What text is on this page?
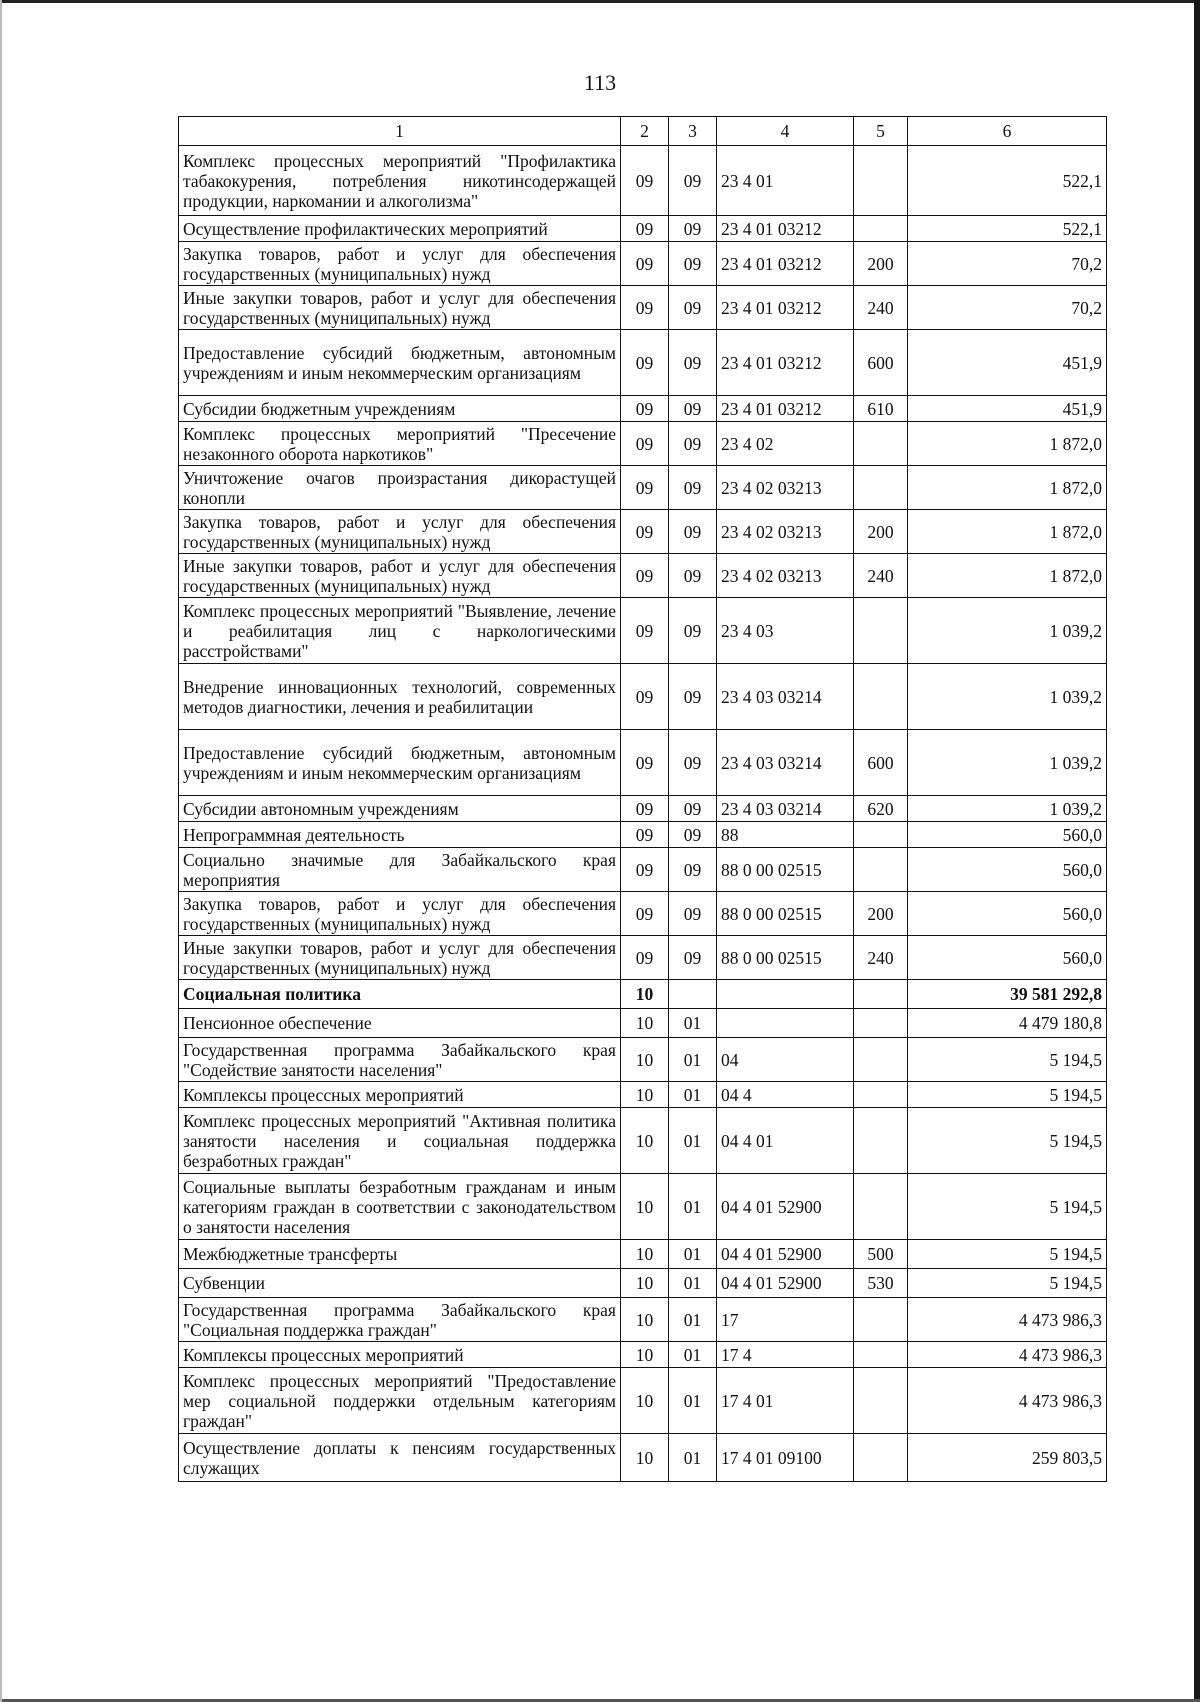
113
1	2	3	4	5	6
Комплекс процессных мероприятий "Профилактика табакокурения, потребления никотинсодержащей продукции, наркомании и алкоголизма"	09	09	23 4 01		522,1
Осуществление профилактических мероприятий	09	09	23 4 01 03212		522,1
Закупка товаров, работ и услуг для обеспечения государственных (муниципальных) нужд	09	09	23 4 01 03212	200	70,2
Иные закупки товаров, работ и услуг для обеспечения государственных (муниципальных) нужд	09	09	23 4 01 03212	240	70,2
Предоставление субсидий бюджетным, автономным учреждениям и иным некоммерческим организациям	09	09	23 4 01 03212	600	451,9
Субсидии бюджетным учреждениям	09	09	23 4 01 03212	610	451,9
Комплекс процессных мероприятий "Пресечение незаконного оборота наркотиков"	09	09	23 4 02		1 872,0
Уничтожение очагов произрастания дикорастущей конопли	09	09	23 4 02 03213		1 872,0
Закупка товаров, работ и услуг для обеспечения государственных (муниципальных) нужд	09	09	23 4 02 03213	200	1 872,0
Иные закупки товаров, работ и услуг для обеспечения государственных (муниципальных) нужд	09	09	23 4 02 03213	240	1 872,0
Комплекс процессных мероприятий "Выявление, лечение и реабилитация лиц с наркологическими расстройствами"	09	09	23 4 03		1 039,2
Внедрение инновационных технологий, современных методов диагностики, лечения и реабилитации	09	09	23 4 03 03214		1 039,2
Предоставление субсидий бюджетным, автономным учреждениям и иным некоммерческим организациям	09	09	23 4 03 03214	600	1 039,2
Субсидии автономным учреждениям	09	09	23 4 03 03214	620	1 039,2
Непрограммная деятельность	09	09	88		560,0
Социально значимые для Забайкальского края мероприятия	09	09	88 0 00 02515		560,0
Закупка товаров, работ и услуг для обеспечения государственных (муниципальных) нужд	09	09	88 0 00 02515	200	560,0
Иные закупки товаров, работ и услуг для обеспечения государственных (муниципальных) нужд	09	09	88 0 00 02515	240	560,0
Социальная политика	10				39 581 292,8
Пенсионное обеспечение	10	01			4 479 180,8
Государственная программа Забайкальского края "Содействие занятости населения"	10	01	04		5 194,5
Комплексы процессных мероприятий	10	01	04 4		5 194,5
Комплекс процессных мероприятий "Активная политика занятости населения и социальная поддержка безработных граждан"	10	01	04 4 01		5 194,5
Социальные выплаты безработным гражданам и иным категориям граждан в соответствии с законодательством о занятости населения	10	01	04 4 01 52900		5 194,5
Межбюджетные трансферты	10	01	04 4 01 52900	500	5 194,5
Субвенции	10	01	04 4 01 52900	530	5 194,5
Государственная программа Забайкальского края "Социальная поддержка граждан"	10	01	17		4 473 986,3
Комплексы процессных мероприятий	10	01	17 4		4 473 986,3
Комплекс процессных мероприятий "Предоставление мер социальной поддержки отдельным категориям граждан"	10	01	17 4 01		4 473 986,3
Осуществление доплаты к пенсиям государственных служащих	10	01	17 4 01 09100		259 803,5
